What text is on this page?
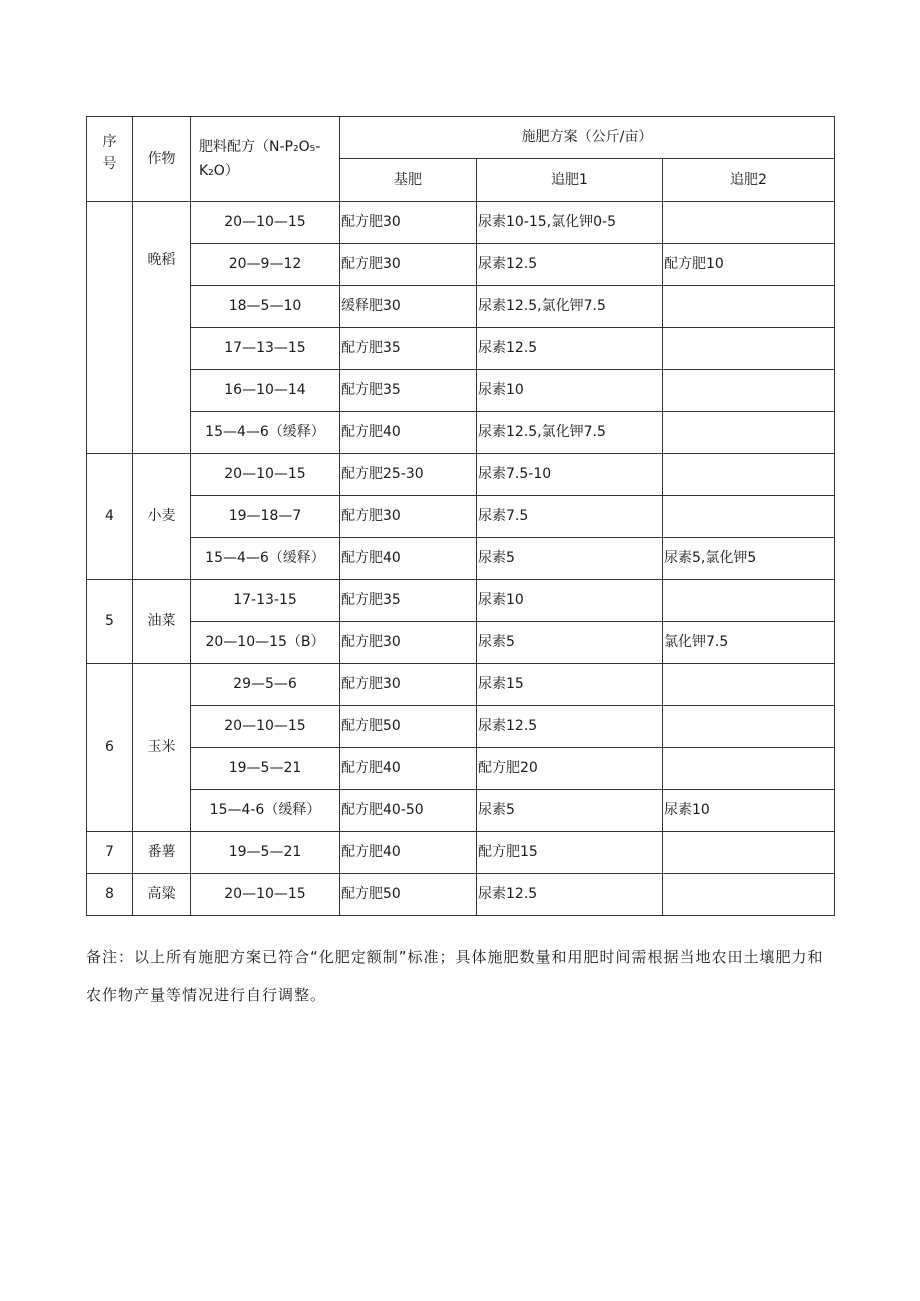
序号	作物	肥料配方（N-P₂O₅-K₂O）	施肥方案（公斤/亩）		
			基肥	追肥1	追肥2
	晚稻	20—10—15	配方肥30	尿素10-15,氯化钾0-5	
		20—9—12	配方肥30	尿素12.5	配方肥10
		18—5—10	缓释肥30	尿素12.5,氯化钾7.5	
		17—13—15	配方肥35	尿素12.5	
		16—10—14	配方肥35	尿素10	
		15—4—6（缓释）	配方肥40	尿素12.5,氯化钾7.5	
4	小麦	20—10—15	配方肥25-30	尿素7.5-10	
		19—18—7	配方肥30	尿素7.5	
		15—4—6（缓释）	配方肥40	尿素5	尿素5,氯化钾5
5	油菜	17-13-15	配方肥35	尿素10	
		20—10—15（B）	配方肥30	尿素5	氯化钾7.5
6	玉米	29—5—6	配方肥30	尿素15	
		20—10—15	配方肥50	尿素12.5	
		19—5—21	配方肥40	配方肥20	
		15—4-6（缓释）	配方肥40-50	尿素5	尿素10
7	番薯	19—5—21	配方肥40	配方肥15	
8	高粱	20—10—15	配方肥50	尿素12.5	
备注：以上所有施肥方案已符合“化肥定额制”标准；具体施肥数量和用肥时间需根据当地农田土壤肥力和农作物产量等情况进行自行调整。
